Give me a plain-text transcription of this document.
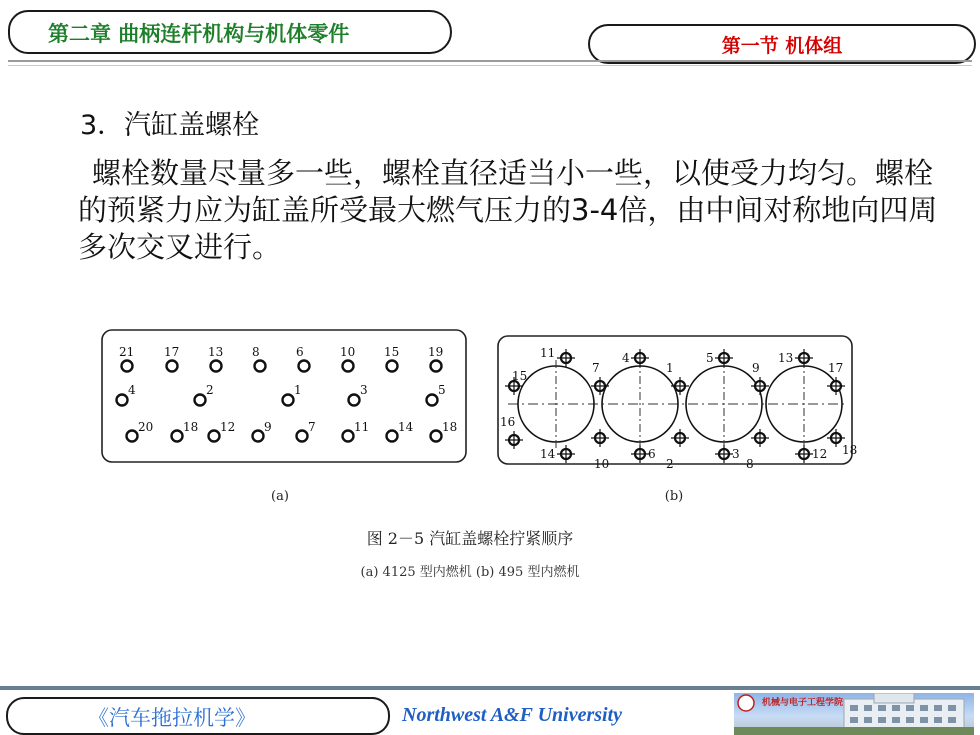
第二章 曲柄连杆机构与机体零件	第一节 机体组
3．汽缸盖螺栓
螺栓数量尽量多一些，螺栓直径适当小一些，以使受力均匀。螺栓的预紧力应为缸盖所受最大燃气压力的3-4倍，由中间对称地向四周多次交叉进行。
21 17 13 8	6	10 15 19
4	2	1	3	5
20 18 12 9	7	11 14 18
15
11
7
4
1
5
9
13
17
16
14
10
6
2
3
8
12 18
(a)	(b)
图 2－5 汽缸盖螺栓拧紧顺序
(a) 4125 型内燃机 (b) 495 型内燃机
《汽车拖拉机学》	Northwest A&F University
机械与电子工程学院
